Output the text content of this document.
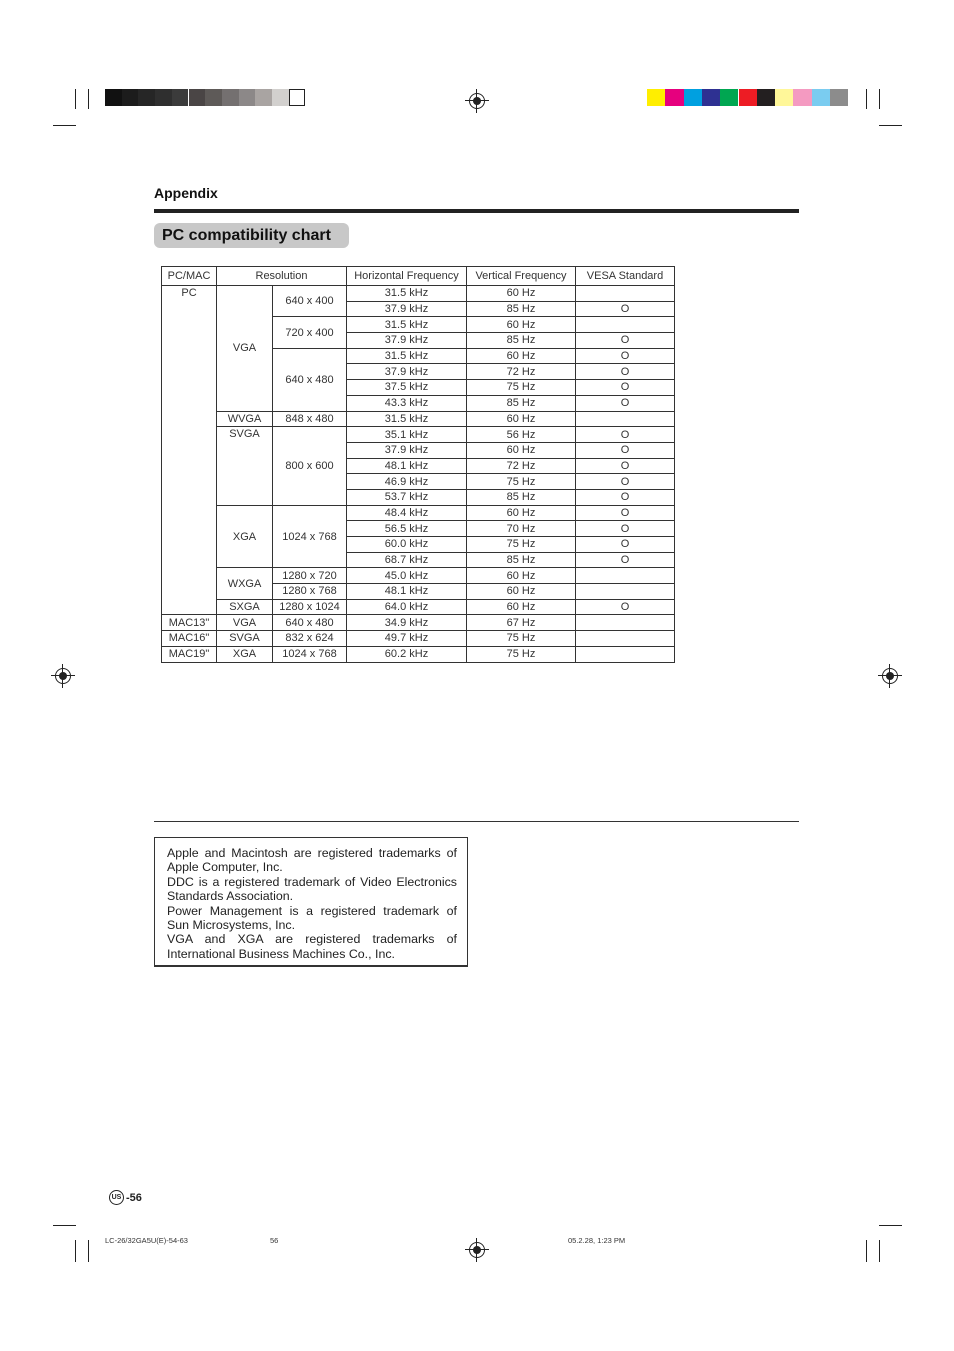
Appendix
PC compatibility chart
PC/MAC	Resolution		Horizontal Frequency	Vertical Frequency	VESA Standard
PC	VGA	640 x 400	31.5 kHz	60 Hz	
			37.9 kHz	85 Hz	O
		720 x 400	31.5 kHz	60 Hz	
			37.9 kHz	85 Hz	O
		640 x 480	31.5 kHz	60 Hz	O
			37.9 kHz	72 Hz	O
			37.5 kHz	75 Hz	O
			43.3 kHz	85 Hz	O
	WVGA	848 x 480	31.5 kHz	60 Hz	
	SVGA	800 x 600	35.1 kHz	56 Hz	O
			37.9 kHz	60 Hz	O
			48.1 kHz	72 Hz	O
			46.9 kHz	75 Hz	O
			53.7 kHz	85 Hz	O
	XGA	1024 x 768	48.4 kHz	60 Hz	O
			56.5 kHz	70 Hz	O
			60.0 kHz	75 Hz	O
			68.7 kHz	85 Hz	O
	WXGA	1280 x 720	45.0 kHz	60 Hz	
		1280 x 768	48.1 kHz	60 Hz	
	SXGA	1280 x 1024	64.0 kHz	60 Hz	O
MAC13"	VGA	640 x 480	34.9 kHz	67 Hz	
MAC16"	SVGA	832 x 624	49.7 kHz	75 Hz	
MAC19"	XGA	1024 x 768	60.2 kHz	75 Hz	
Apple and Macintosh are registered trademarks of Apple Computer, Inc.
DDC is a registered trademark of Video Electronics Standards Association.
Power Management is a registered trademark of Sun Microsystems, Inc.
VGA and XGA are registered trademarks of International Business Machines Co., Inc.
US -56
LC-26/32GA5U(E)-54-63	56	05.2.28, 1:23 PM
